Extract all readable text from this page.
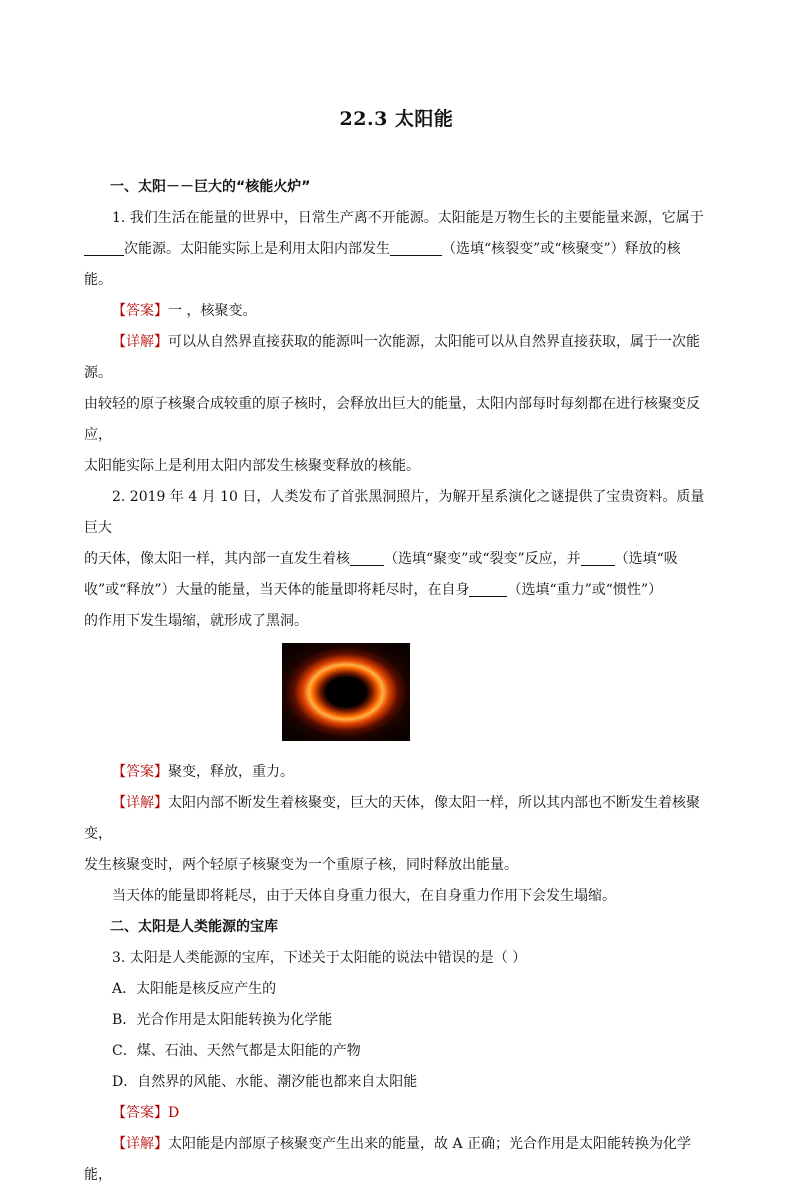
22.3 太阳能

一、太阳－－巨大的“核能火炉”

1. 我们生活在能量的世界中，日常生产离不开能源。太阳能是万物生长的主要能量来源，它属于
次能源。太阳能实际上是利用太阳内部发生	（选填“核裂变”或“核聚变”）释放的核
能。

【答案】一 ，核聚变。

【详解】可以从自然界直接获取的能源叫一次能源，太阳能可以从自然界直接获取，属于一次能源。
由较轻的原子核聚合成较重的原子核时，会释放出巨大的能量，太阳内部每时每刻都在进行核聚变反应，
太阳能实际上是利用太阳内部发生核聚变释放的核能。

2. 2019 年 4 月 10 日，人类发布了首张黑洞照片，为解开星系演化之谜提供了宝贵资料。质量巨大
的天体，像太阳一样，其内部一直发生着核 （选填“聚变”或“裂变”反应，并 （选填“吸
收”或“释放”）大量的能量，当天体的能量即将耗尽时，在自身	（选填“重力”或“惯性”）
的作用下发生塌缩，就形成了黑洞。

【答案】聚变，释放，重力。

【详解】太阳内部不断发生着核聚变，巨大的天体，像太阳一样，所以其内部也不断发生着核聚变，
发生核聚变时，两个轻原子核聚变为一个重原子核，同时释放出能量。

当天体的能量即将耗尽，由于天体自身重力很大，在自身重力作用下会发生塌缩。

二、太阳是人类能源的宝库

3. 太阳是人类能源的宝库，下述关于太阳能的说法中错误的是（ ）

A．太阳能是核反应产生的

B．光合作用是太阳能转换为化学能

C．煤、石油、天然气都是太阳能的产物

D．自然界的风能、水能、潮汐能也都来自太阳能

【答案】D

【详解】太阳能是内部原子核聚变产生出来的能量，故 A 正确；光合作用是太阳能转换为化学能，
